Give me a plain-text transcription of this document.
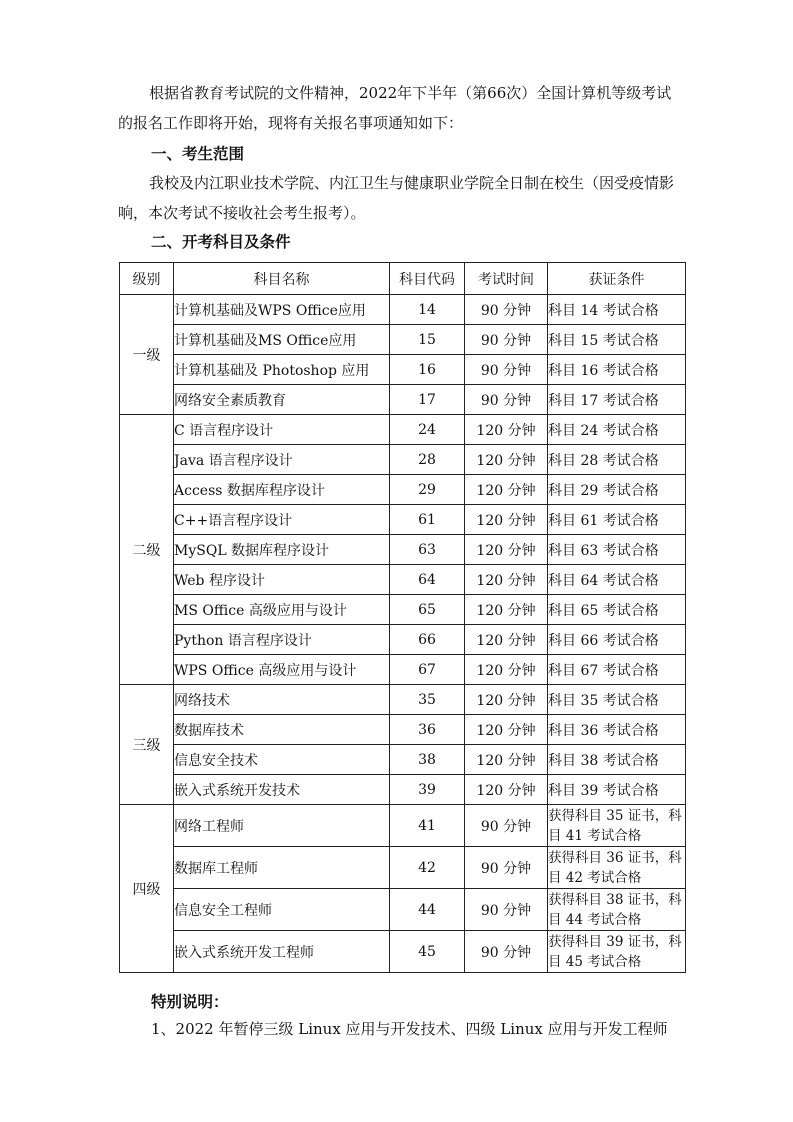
根据省教育考试院的文件精神，2022年下半年（第66次）全国计算机等级考试的报名工作即将开始，现将有关报名事项通知如下：

一、考生范围

我校及内江职业技术学院、内江卫生与健康职业学院全日制在校生（因受疫情影响，本次考试不接收社会考生报考）。

二、开考科目及条件

级别	科目名称	科目代码	考试时间	获证条件
一级	计算机基础及WPS Office应用	14	90 分钟	科目 14 考试合格
	计算机基础及MS Office应用	15	90 分钟	科目 15 考试合格
	计算机基础及 Photoshop 应用	16	90 分钟	科目 16 考试合格
	网络安全素质教育	17	90 分钟	科目 17 考试合格
二级	C 语言程序设计	24	120 分钟	科目 24 考试合格
	Java 语言程序设计	28	120 分钟	科目 28 考试合格
	Access 数据库程序设计	29	120 分钟	科目 29 考试合格
	C++语言程序设计	61	120 分钟	科目 61 考试合格
	MySQL 数据库程序设计	63	120 分钟	科目 63 考试合格
	Web 程序设计	64	120 分钟	科目 64 考试合格
	MS Office 高级应用与设计	65	120 分钟	科目 65 考试合格
	Python 语言程序设计	66	120 分钟	科目 66 考试合格
	WPS Office 高级应用与设计	67	120 分钟	科目 67 考试合格
三级	网络技术	35	120 分钟	科目 35 考试合格
	数据库技术	36	120 分钟	科目 36 考试合格
	信息安全技术	38	120 分钟	科目 38 考试合格
	嵌入式系统开发技术	39	120 分钟	科目 39 考试合格
四级	网络工程师	41	90 分钟	获得科目 35 证书，科目 41 考试合格
	数据库工程师	42	90 分钟	获得科目 36 证书，科目 42 考试合格
	信息安全工程师	44	90 分钟	获得科目 38 证书，科目 44 考试合格
	嵌入式系统开发工程师	45	90 分钟	获得科目 39 证书，科目 45 考试合格

特别说明：

1、2022 年暂停三级 Linux 应用与开发技术、四级 Linux 应用与开发工程师
